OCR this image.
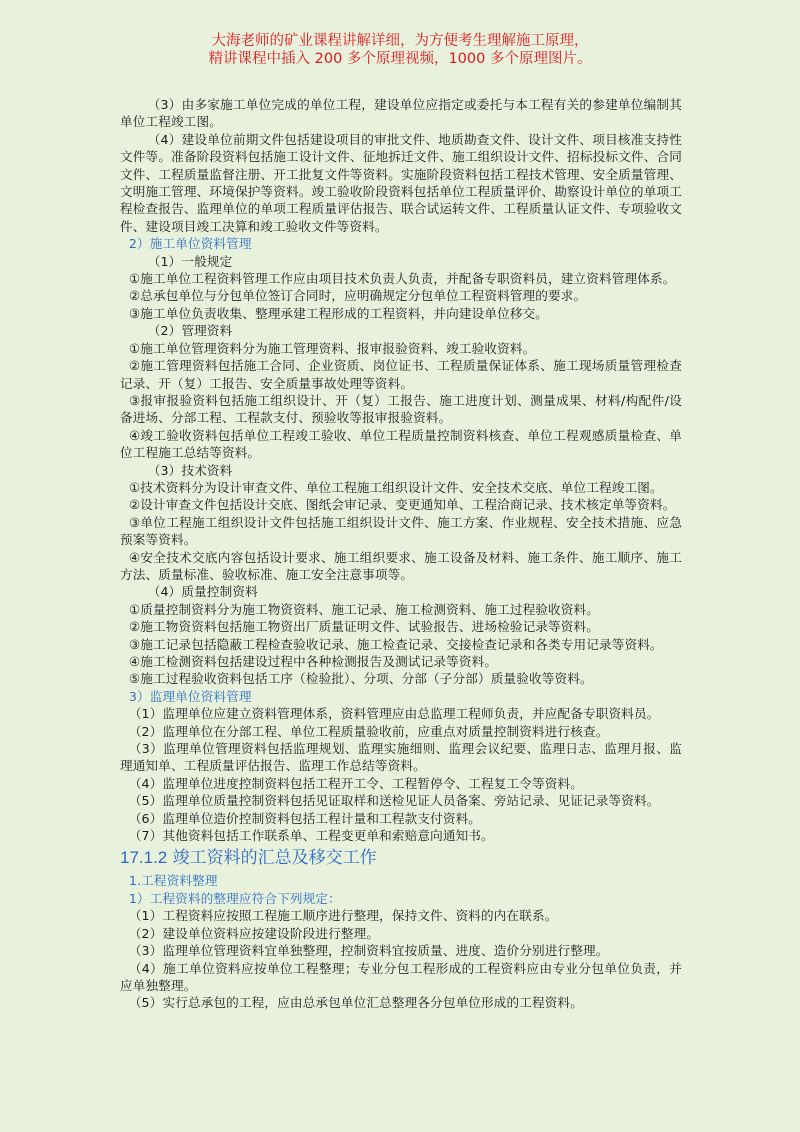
大海老师的矿业课程讲解详细，为方便考生理解施工原理，
精讲课程中插入 200 多个原理视频，1000 多个原理图片。

（3）由多家施工单位完成的单位工程，建设单位应指定或委托与本工程有关的参建单位编制其单位工程竣工图。

（4）建设单位前期文件包括建设项目的审批文件、地质勘查文件、设计文件、项目核准支持性文件等。准备阶段资料包括施工设计文件、征地拆迁文件、施工组织设计文件、招标投标文件、合同文件、工程质量监督注册、开工批复文件等资料。实施阶段资料包括工程技术管理、安全质量管理、文明施工管理、环境保护等资料。竣工验收阶段资料包括单位工程质量评价、勘察设计单位的单项工程检查报告、监理单位的单项工程质量评估报告、联合试运转文件、工程质量认证文件、专项验收文件、建设项目竣工决算和竣工验收文件等资料。

2）施工单位资料管理

（1）一般规定

①施工单位工程资料管理工作应由项目技术负责人负责，并配备专职资料员，建立资料管理体系。

②总承包单位与分包单位签订合同时，应明确规定分包单位工程资料管理的要求。

③施工单位负责收集、整理承建工程形成的工程资料，并向建设单位移交。

（2）管理资料

①施工单位管理资料分为施工管理资料、报审报验资料、竣工验收资料。

②施工管理资料包括施工合同、企业资质、岗位证书、工程质量保证体系、施工现场质量管理检查记录、开（复）工报告、安全质量事故处理等资料。

③报审报验资料包括施工组织设计、开（复）工报告、施工进度计划、测量成果、材料/构配件/设备进场、分部工程、工程款支付、预验收等报审报验资料。

④竣工验收资料包括单位工程竣工验收、单位工程质量控制资料核查、单位工程观感质量检查、单位工程施工总结等资料。

（3）技术资料

①技术资料分为设计审查文件、单位工程施工组织设计文件、安全技术交底、单位工程竣工图。

②设计审查文件包括设计交底、图纸会审记录、变更通知单、工程洽商记录、技术核定单等资料。

③单位工程施工组织设计文件包括施工组织设计文件、施工方案、作业规程、安全技术措施、应急预案等资料。

④安全技术交底内容包括设计要求、施工组织要求、施工设备及材料、施工条件、施工顺序、施工方法、质量标准、验收标准、施工安全注意事项等。

（4）质量控制资料

①质量控制资料分为施工物资资料、施工记录、施工检测资料、施工过程验收资料。

②施工物资资料包括施工物资出厂质量证明文件、试验报告、进场检验记录等资料。

③施工记录包括隐蔽工程检查验收记录、施工检查记录、交接检查记录和各类专用记录等资料。

④施工检测资料包括建设过程中各种检测报告及测试记录等资料。

⑤施工过程验收资料包括工序（检验批）、分项、分部（子分部）质量验收等资料。

3）监理单位资料管理

（1）监理单位应建立资料管理体系，资料管理应由总监理工程师负责，并应配备专职资料员。

（2）监理单位在分部工程、单位工程质量验收前，应重点对质量控制资料进行核查。

（3）监理单位管理资料包括监理规划、监理实施细则、监理会议纪要、监理日志、监理月报、监理通知单、工程质量评估报告、监理工作总结等资料。

（4）监理单位进度控制资料包括工程开工令、工程暂停令、工程复工令等资料。

（5）监理单位质量控制资料包括见证取样和送检见证人员备案、旁站记录、见证记录等资料。

（6）监理单位造价控制资料包括工程计量和工程款支付资料。

（7）其他资料包括工作联系单、工程变更单和索赔意向通知书。

17.1.2 竣工资料的汇总及移交工作

1.工程资料整理

1）工程资料的整理应符合下列规定：

（1）工程资料应按照工程施工顺序进行整理，保持文件、资料的内在联系。

（2）建设单位资料应按建设阶段进行整理。

（3）监理单位管理资料宜单独整理，控制资料宜按质量、进度、造价分别进行整理。

（4）施工单位资料应按单位工程整理；专业分包工程形成的工程资料应由专业分包单位负责，并应单独整理。

（5）实行总承包的工程，应由总承包单位汇总整理各分包单位形成的工程资料。
